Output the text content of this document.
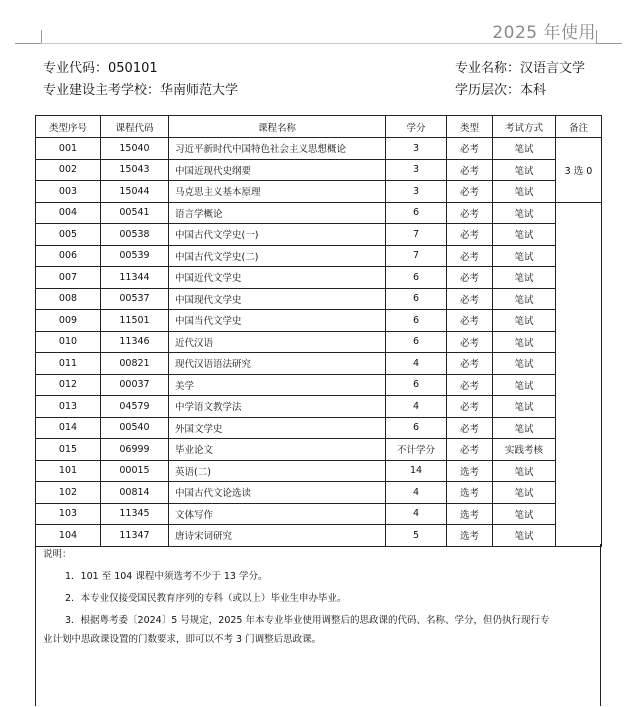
2025 年使用
专业代码：050101
专业建设主考学校：华南师范大学
专业名称：汉语言文学
学历层次：本科
类型序号	课程代码	课程名称	学分	类型	考试方式	备注
001	15040	习近平新时代中国特色社会主义思想概论	3	必考	笔试	3 选 0
002	15043	中国近现代史纲要	3	必考	笔试	
003	15044	马克思主义基本原理	3	必考	笔试	
004	00541	语言学概论	6	必考	笔试	
005	00538	中国古代文学史(一)	7	必考	笔试	
006	00539	中国古代文学史(二)	7	必考	笔试	
007	11344	中国近代文学史	6	必考	笔试	
008	00537	中国现代文学史	6	必考	笔试	
009	11501	中国当代文学史	6	必考	笔试	
010	11346	近代汉语	6	必考	笔试	
011	00821	现代汉语语法研究	4	必考	笔试	
012	00037	美学	6	必考	笔试	
013	04579	中学语文教学法	4	必考	笔试	
014	00540	外国文学史	6	必考	笔试	
015	06999	毕业论文	不计学分	必考	实践考核	
101	00015	英语(二)	14	选考	笔试	
102	00814	中国古代文论选读	4	选考	笔试	
103	11345	文体写作	4	选考	笔试	
104	11347	唐诗宋词研究	5	选考	笔试	
说明：
1．101 至 104 课程中须选考不少于 13 学分。
2．本专业仅接受国民教育序列的专科（或以上）毕业生申办毕业。
3．根据粤考委〔2024〕5 号规定，2025 年本专业毕业使用调整后的思政课的代码、名称、学分，但仍执行现行专
业计划中思政课设置的门数要求，即可以不考 3 门调整后思政课。
